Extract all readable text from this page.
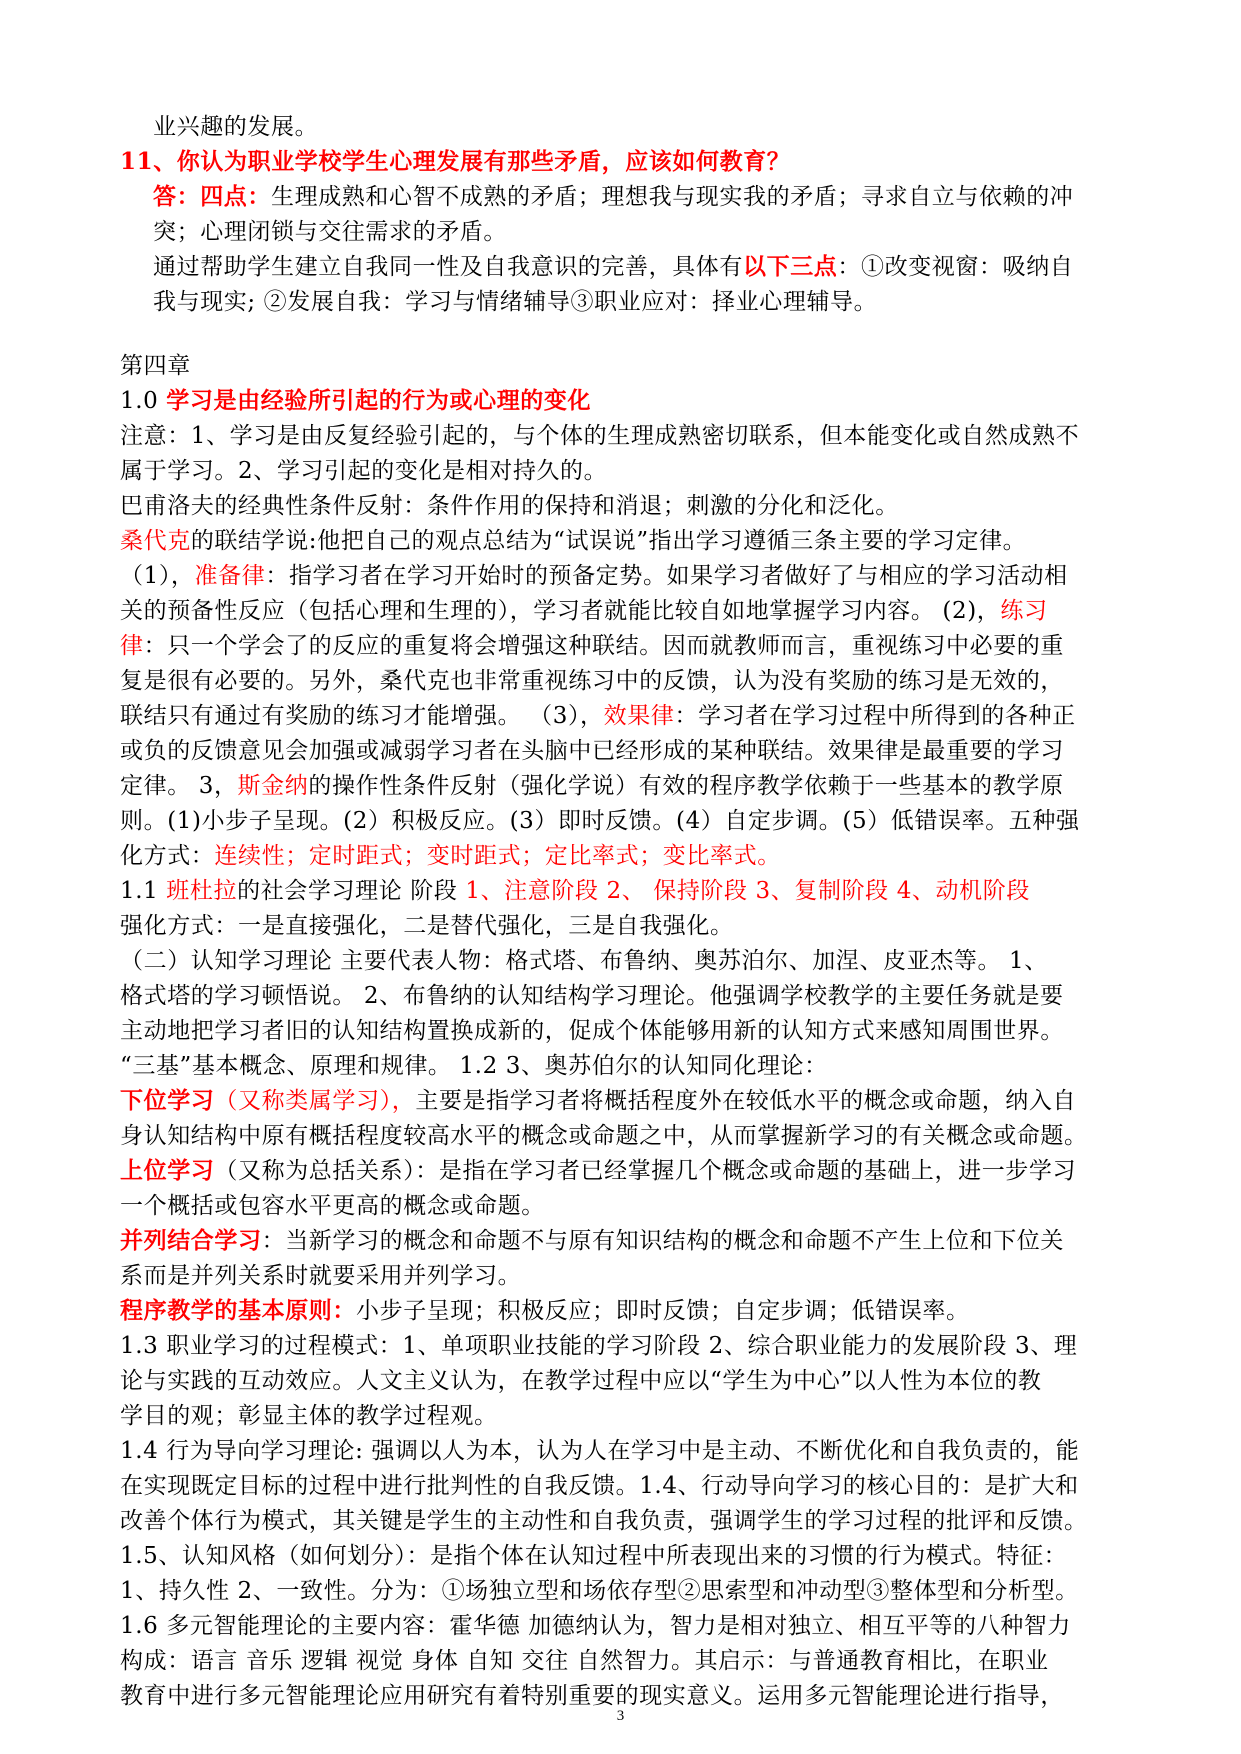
业兴趣的发展。
11、你认为职业学校学生心理发展有那些矛盾，应该如何教育？
答：四点：生理成熟和心智不成熟的矛盾；理想我与现实我的矛盾；寻求自立与依赖的冲
突；心理闭锁与交往需求的矛盾。
通过帮助学生建立自我同一性及自我意识的完善，具体有以下三点：①改变视窗：吸纳自
我与现实; ②发展自我：学习与情绪辅导③职业应对：择业心理辅导。
第四章
1.0 学习是由经验所引起的行为或心理的变化
注意：1、学习是由反复经验引起的，与个体的生理成熟密切联系，但本能变化或自然成熟不
属于学习。2、学习引起的变化是相对持久的。
巴甫洛夫的经典性条件反射：条件作用的保持和消退；刺激的分化和泛化。
桑代克的联结学说:他把自己的观点总结为“试误说”指出学习遵循三条主要的学习定律。
（1），准备律：指学习者在学习开始时的预备定势。如果学习者做好了与相应的学习活动相
关的预备性反应（包括心理和生理的），学习者就能比较自如地掌握学习内容。 (2)，练习
律：只一个学会了的反应的重复将会增强这种联结。因而就教师而言，重视练习中必要的重
复是很有必要的。另外，桑代克也非常重视练习中的反馈，认为没有奖励的练习是无效的，
联结只有通过有奖励的练习才能增强。 （3），效果律：学习者在学习过程中所得到的各种正
或负的反馈意见会加强或减弱学习者在头脑中已经形成的某种联结。效果律是最重要的学习
定律。 3，斯金纳的操作性条件反射（强化学说）有效的程序教学依赖于一些基本的教学原
则。(1)小步子呈现。(2）积极反应。(3）即时反馈。(4）自定步调。(5）低错误率。五种强
化方式：连续性；定时距式；变时距式；定比率式；变比率式。
1.1 班杜拉的社会学习理论 阶段 1、注意阶段 2、 保持阶段 3、复制阶段 4、动机阶段
强化方式：一是直接强化，二是替代强化，三是自我强化。
（二）认知学习理论 主要代表人物：格式塔、布鲁纳、奥苏泊尔、加涅、皮亚杰等。 1、
格式塔的学习顿悟说。 2、布鲁纳的认知结构学习理论。他强调学校教学的主要任务就是要
主动地把学习者旧的认知结构置换成新的，促成个体能够用新的认知方式来感知周围世界。
“三基”基本概念、原理和规律。 1.2 3、奥苏伯尔的认知同化理论：
下位学习（又称类属学习），主要是指学习者将概括程度外在较低水平的概念或命题，纳入自
身认知结构中原有概括程度较高水平的概念或命题之中，从而掌握新学习的有关概念或命题。
上位学习（又称为总括关系）：是指在学习者已经掌握几个概念或命题的基础上，进一步学习
一个概括或包容水平更高的概念或命题。
并列结合学习：当新学习的概念和命题不与原有知识结构的概念和命题不产生上位和下位关
系而是并列关系时就要采用并列学习。
程序教学的基本原则：小步子呈现；积极反应；即时反馈；自定步调；低错误率。
1.3 职业学习的过程模式：1、单项职业技能的学习阶段 2、综合职业能力的发展阶段 3、理
论与实践的互动效应。人文主义认为，在教学过程中应以“学生为中心”以人性为本位的教
学目的观；彰显主体的教学过程观。
1.4 行为导向学习理论: 强调以人为本，认为人在学习中是主动、不断优化和自我负责的，能
在实现既定目标的过程中进行批判性的自我反馈。1.4、行动导向学习的核心目的：是扩大和
改善个体行为模式，其关键是学生的主动性和自我负责，强调学生的学习过程的批评和反馈。
1.5、认知风格（如何划分）：是指个体在认知过程中所表现出来的习惯的行为模式。特征：
1、持久性 2、一致性。分为：①场独立型和场依存型②思索型和冲动型③整体型和分析型。
1.6 多元智能理论的主要内容：霍华德 加德纳认为，智力是相对独立、相互平等的八种智力
构成：语言 音乐 逻辑 视觉 身体 自知 交往 自然智力。其启示：与普通教育相比，在职业
教育中进行多元智能理论应用研究有着特别重要的现实意义。运用多元智能理论进行指导，
3
